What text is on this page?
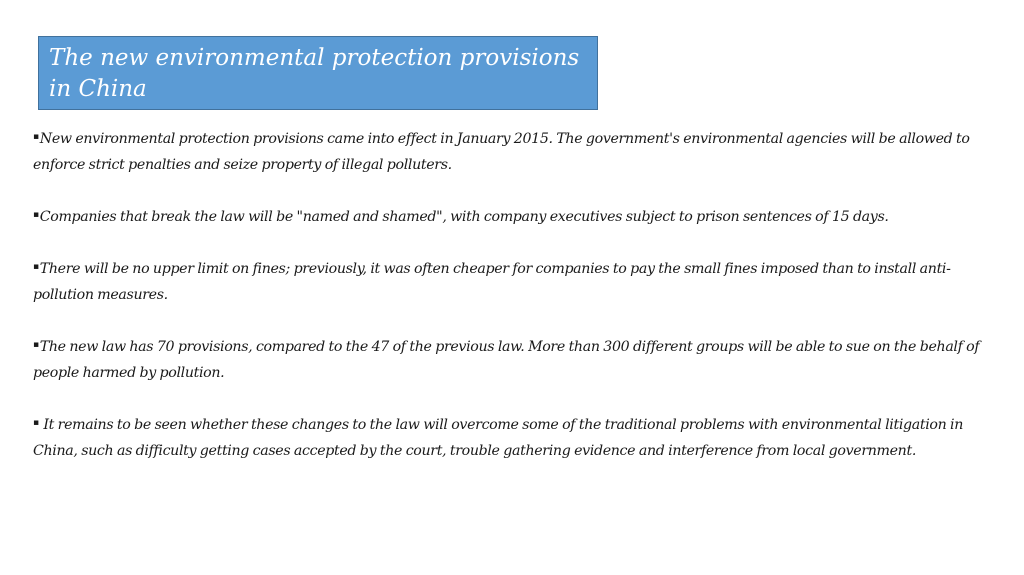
The new environmental protection provisions in China
▪New environmental protection provisions came into effect in January 2015. The government's environmental agencies will be allowed to enforce strict penalties and seize property of illegal polluters.
▪Companies that break the law will be "named and shamed", with company executives subject to prison sentences of 15 days.
▪There will be no upper limit on fines; previously, it was often cheaper for companies to pay the small fines imposed than to install anti-pollution measures.
▪The new law has 70 provisions, compared to the 47 of the previous law. More than 300 different groups will be able to sue on the behalf of people harmed by pollution.
▪ It remains to be seen whether these changes to the law will overcome some of the traditional problems with environmental litigation in China, such as difficulty getting cases accepted by the court, trouble gathering evidence and interference from local government.
